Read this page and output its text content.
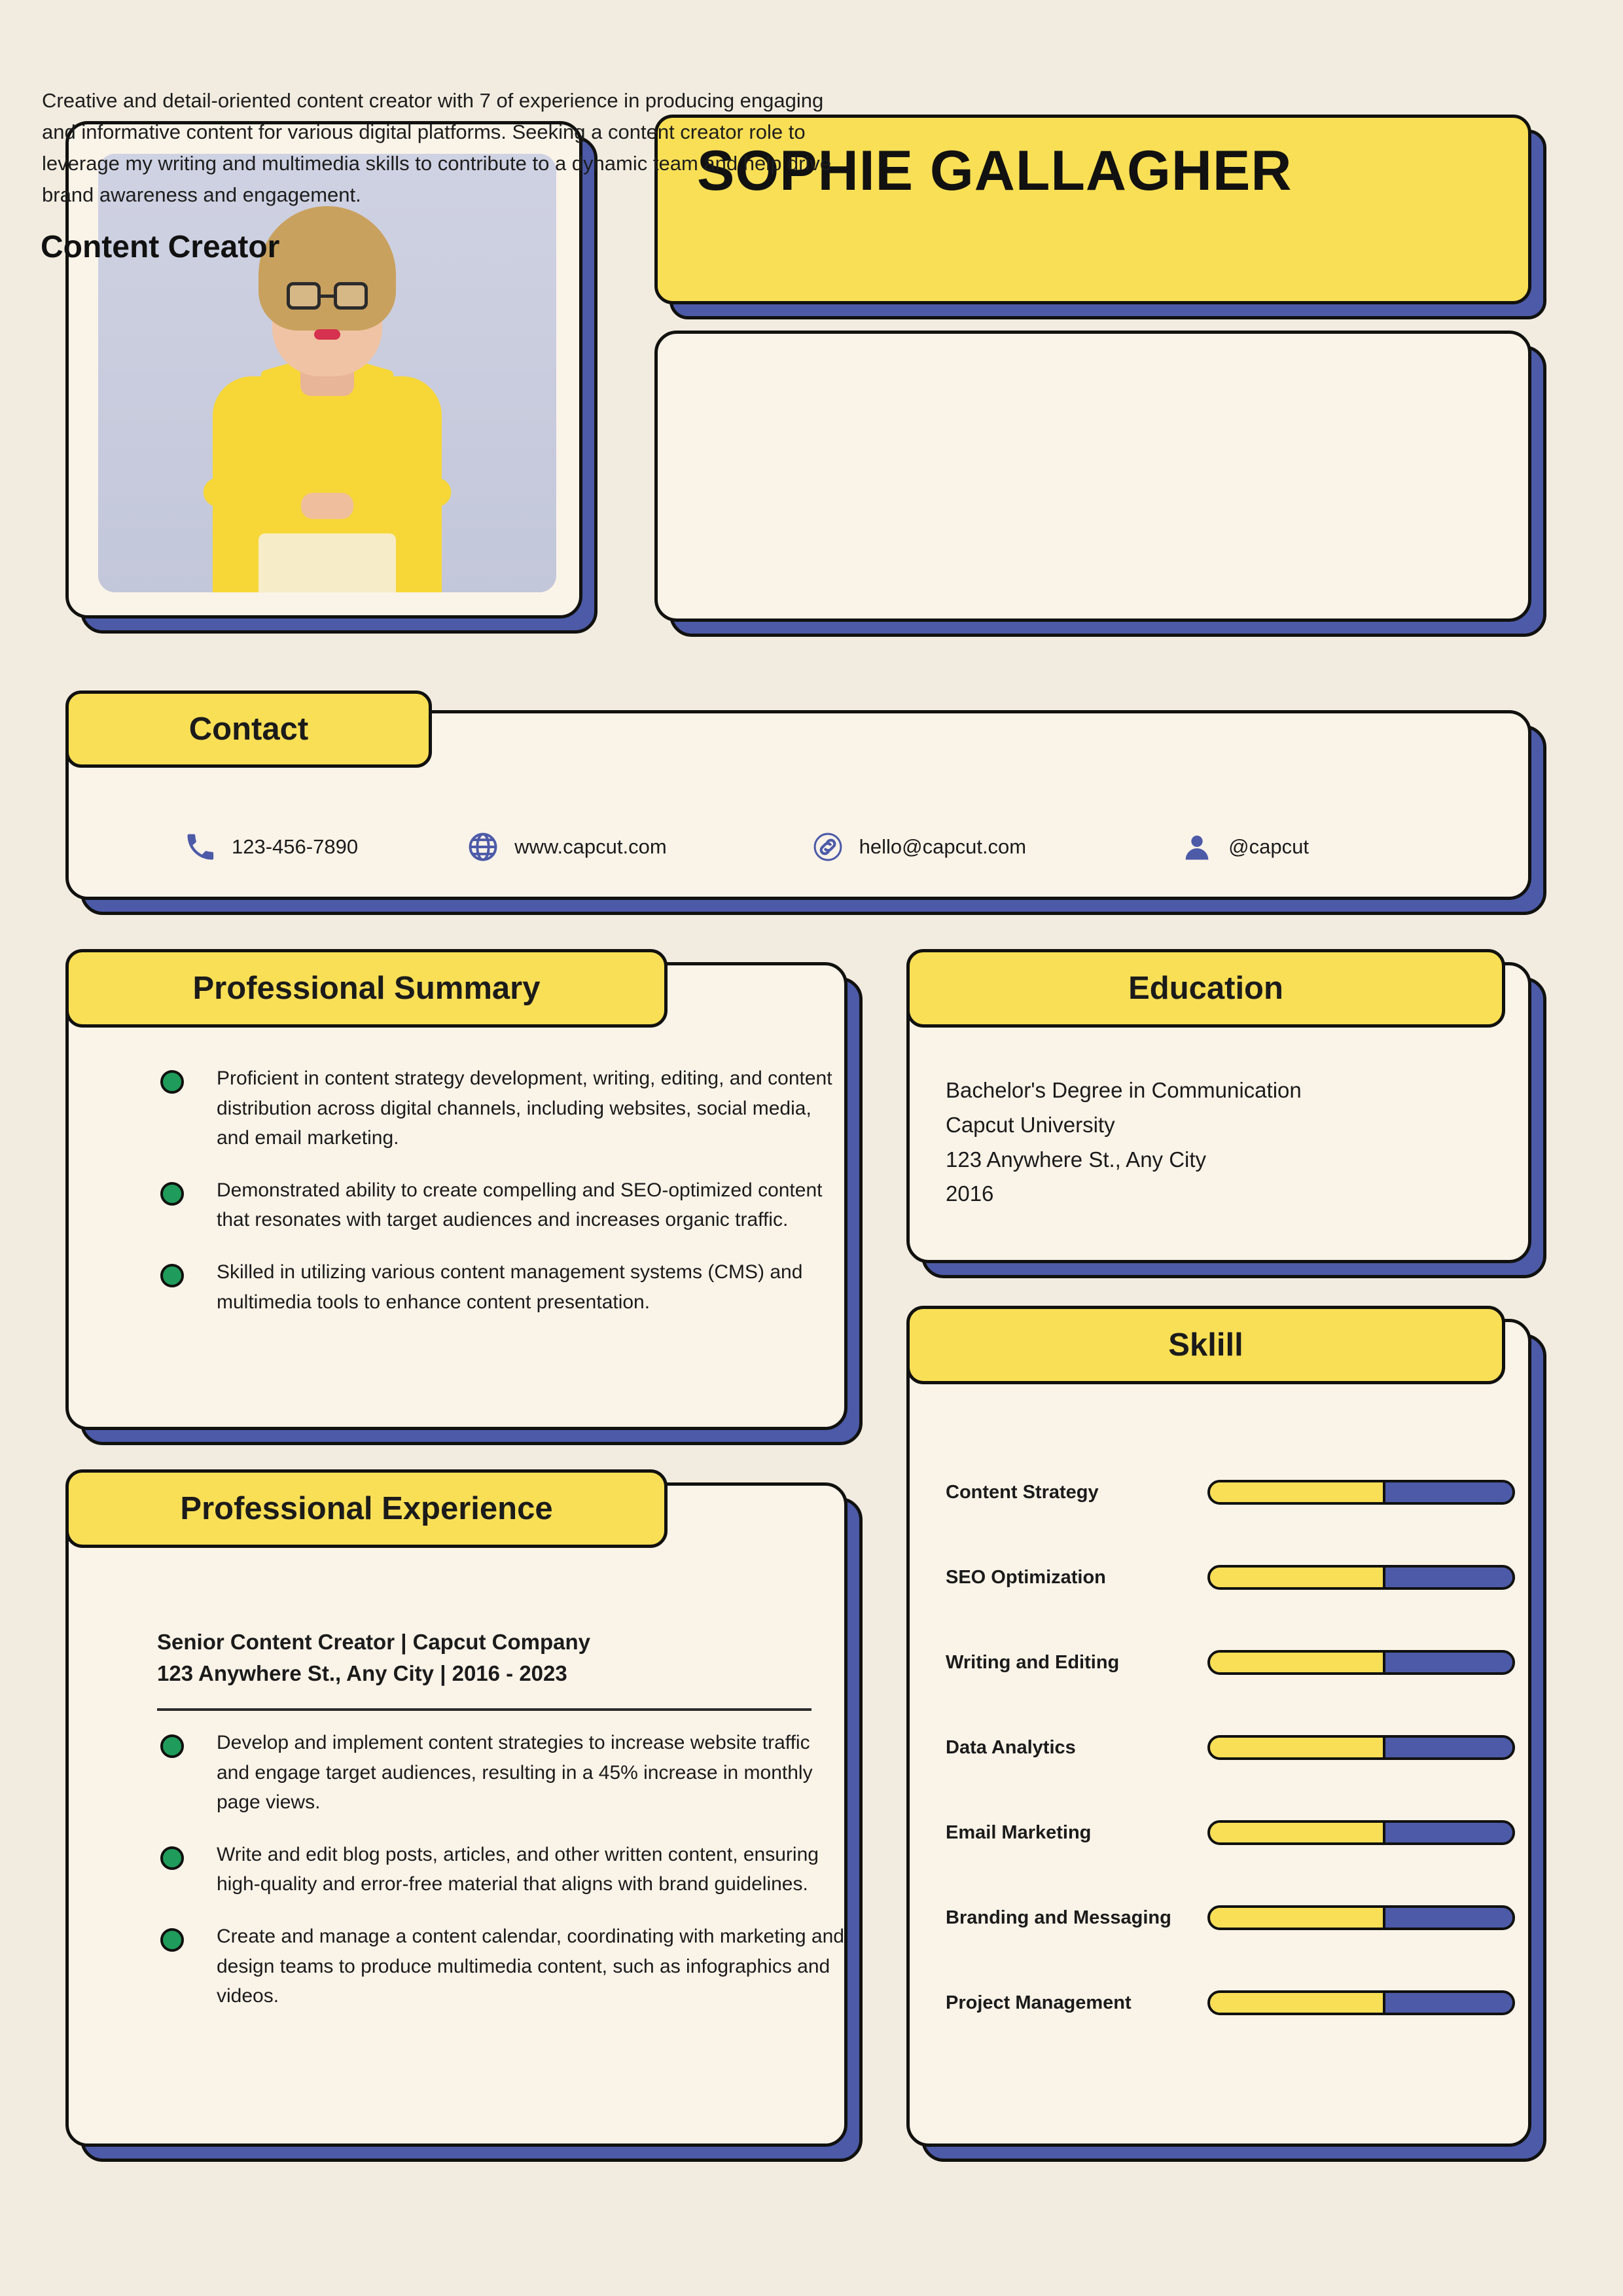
SOPHIE GALLAGHER
Content Creator
Creative and detail-oriented content creator with 7 of experience in producing engaging and informative content for various digital platforms. Seeking a content creator role to leverage my writing and multimedia skills to contribute to a dynamic team and help drive brand awareness and engagement.
123-456-7890	www.capcut.com	hello@capcut.com	@capcut
Contact
Proficient in content strategy development, writing, editing, and content distribution across digital channels, including websites, social media, and email marketing.
Demonstrated ability to create compelling and SEO-optimized content that resonates with target audiences and increases organic traffic.
Skilled in utilizing various content management systems (CMS) and multimedia tools to enhance content presentation.
Professional Summary
Senior Content Creator | Capcut Company
123 Anywhere St., Any City | 2016 - 2023
Develop and implement content strategies to increase website traffic and engage target audiences, resulting in a 45% increase in monthly page views.
Write and edit blog posts, articles, and other written content, ensuring high-quality and error-free material that aligns with brand guidelines.
Create and manage a content calendar, coordinating with marketing and design teams to produce multimedia content, such as infographics and videos.
Professional Experience
Bachelor's Degree in Communication
Capcut University
123 Anywhere St., Any City
2016
Education
Content Strategy
SEO Optimization
Writing and Editing
Data Analytics
Email Marketing
Branding and Messaging
Project Management
Sklill
